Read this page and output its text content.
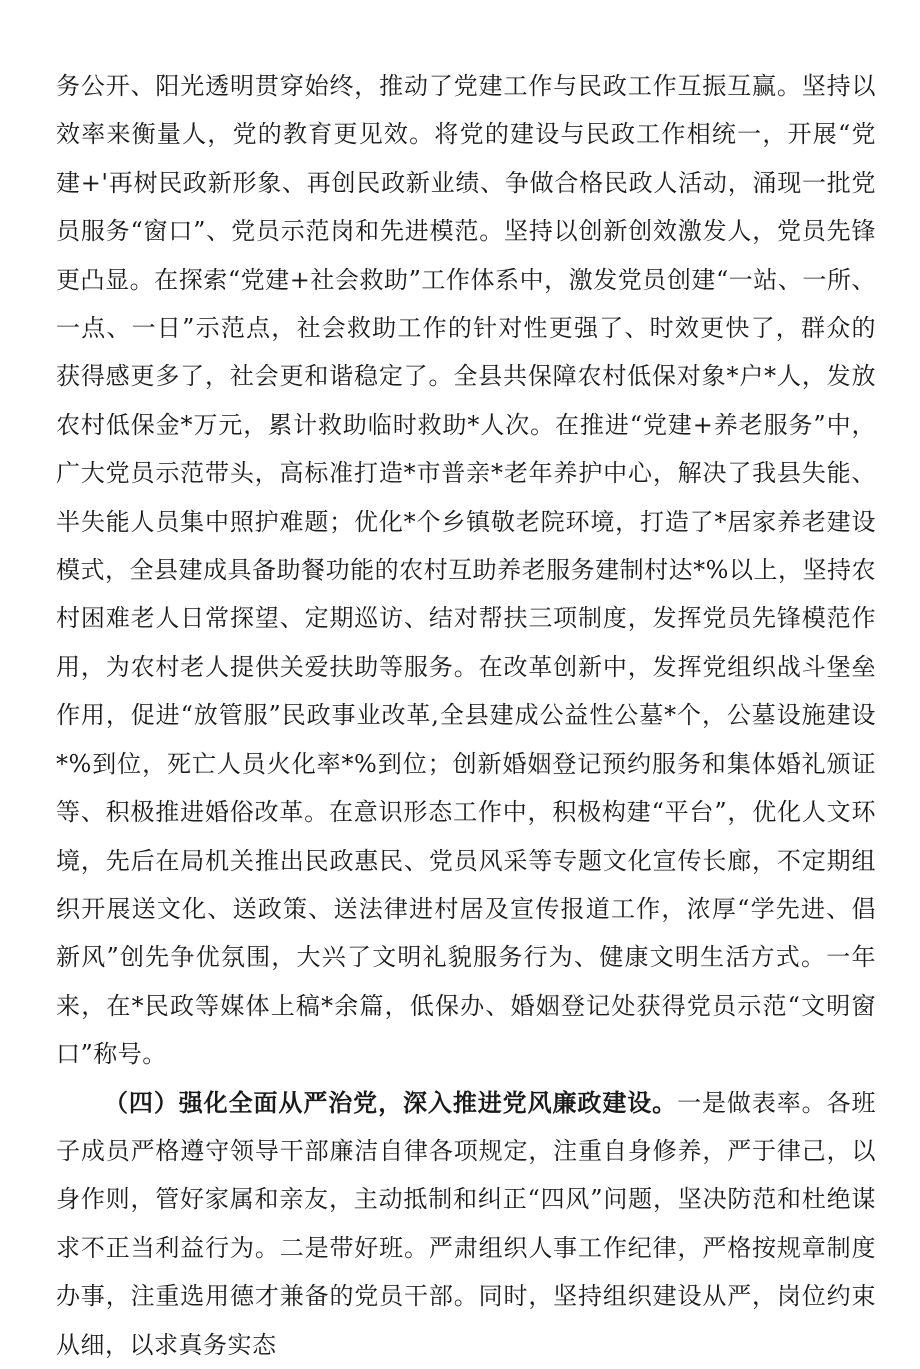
务公开、阳光透明贯穿始终，推动了党建工作与民政工作互振互赢。坚持以效率来衡量人，党的教育更见效。将党的建设与民政工作相统一，开展“党建+'再树民政新形象、再创民政新业绩、争做合格民政人活动，涌现一批党员服务“窗口”、党员示范岗和先进模范。坚持以创新创效激发人，党员先锋更凸显。在探索“党建+社会救助”工作体系中，激发党员创建“一站、一所、一点、一日”示范点，社会救助工作的针对性更强了、时效更快了，群众的获得感更多了，社会更和谐稳定了。全县共保障农村低保对象*户*人，发放农村低保金*万元，累计救助临时救助*人次。在推进“党建+养老服务”中，广大党员示范带头，高标准打造*市普亲*老年养护中心，解决了我县失能、半失能人员集中照护难题；优化*个乡镇敬老院环境，打造了*居家养老建设模式，全县建成具备助餐功能的农村互助养老服务建制村达*%以上，坚持农村困难老人日常探望、定期巡访、结对帮扶三项制度，发挥党员先锋模范作用，为农村老人提供关爱扶助等服务。在改革创新中，发挥党组织战斗堡垒作用，促进“放管服”民政事业改革,全县建成公益性公墓*个，公墓设施建设*%到位，死亡人员火化率*%到位；创新婚姻登记预约服务和集体婚礼颁证等、积极推进婚俗改革。在意识形态工作中，积极构建“平台”，优化人文环境，先后在局机关推出民政惠民、党员风采等专题文化宣传长廊，不定期组织开展送文化、送政策、送法律进村居及宣传报道工作，浓厚“学先进、倡新风”创先争优氛围，大兴了文明礼貌服务行为、健康文明生活方式。一年来，在*民政等媒体上稿*余篇，低保办、婚姻登记处获得党员示范“文明窗口”称号。

（四）强化全面从严治党，深入推进党风廉政建设。一是做表率。各班子成员严格遵守领导干部廉洁自律各项规定，注重自身修养，严于律己，以身作则，管好家属和亲友，主动抵制和纠正“四风”问题，坚决防范和杜绝谋求不正当利益行为。二是带好班。严肃组织人事工作纪律，严格按规章制度办事，注重选用德才兼备的党员干部。同时，坚持组织建设从严，岗位约束从细，以求真务实态
